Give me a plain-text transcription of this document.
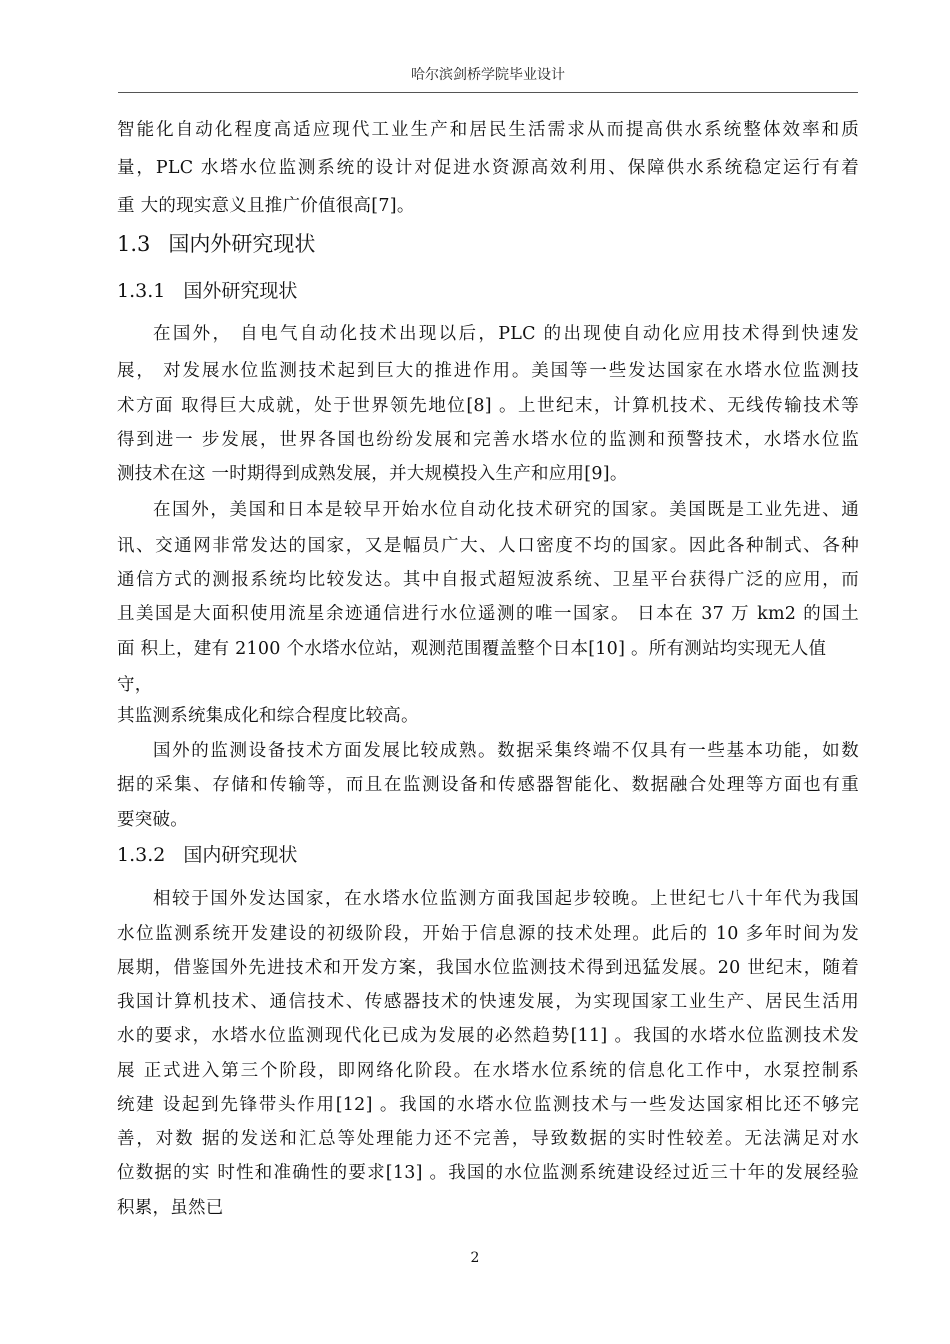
哈尔滨剑桥学院毕业设计
智能化自动化程度高适应现代工业生产和居民生活需求从而提高供水系统整体效率和质
量，PLC 水塔水位监测系统的设计对促进水资源高效利用、保障供水系统稳定运行有着
重 大的现实意义且推广价值很高[7]。
1.3 国内外研究现状
1.3.1 国外研究现状
在国外， 自电气自动化技术出现以后，PLC 的出现使自动化应用技术得到快速发
展， 对发展水位监测技术起到巨大的推进作用。美国等一些发达国家在水塔水位监测技
术方面 取得巨大成就，处于世界领先地位[8] 。上世纪末，计算机技术、无线传输技术等
得到进一 步发展，世界各国也纷纷发展和完善水塔水位的监测和预警技术，水塔水位监
测技术在这 一时期得到成熟发展，并大规模投入生产和应用[9]。
在国外，美国和日本是较早开始水位自动化技术研究的国家。美国既是工业先进、通
讯、交通网非常发达的国家，又是幅员广大、人口密度不均的国家。因此各种制式、各种
通信方式的测报系统均比较发达。其中自报式超短波系统、卫星平台获得广泛的应用，而
且美国是大面积使用流星余迹通信进行水位遥测的唯一国家。 日本在 37 万 km2 的国土
面 积上，建有 2100 个水塔水位站，观测范围覆盖整个日本[10] 。所有测站均实现无人值
守，
其监测系统集成化和综合程度比较高。
国外的监测设备技术方面发展比较成熟。数据采集终端不仅具有一些基本功能，如数
据的采集、存储和传输等，而且在监测设备和传感器智能化、数据融合处理等方面也有重
要突破。
1.3.2 国内研究现状
相较于国外发达国家，在水塔水位监测方面我国起步较晚。上世纪七八十年代为我国
水位监测系统开发建设的初级阶段，开始于信息源的技术处理。此后的 10 多年时间为发
展期，借鉴国外先进技术和开发方案，我国水位监测技术得到迅猛发展。20 世纪末，随着
我国计算机技术、通信技术、传感器技术的快速发展，为实现国家工业生产、居民生活用
水的要求，水塔水位监测现代化已成为发展的必然趋势[11] 。我国的水塔水位监测技术发
展 正式进入第三个阶段，即网络化阶段。在水塔水位系统的信息化工作中，水泵控制系
统建 设起到先锋带头作用[12] 。我国的水塔水位监测技术与一些发达国家相比还不够完
善，对数 据的发送和汇总等处理能力还不完善，导致数据的实时性较差。无法满足对水
位数据的实 时性和准确性的要求[13] 。我国的水位监测系统建设经过近三十年的发展经验
积累，虽然已
2
